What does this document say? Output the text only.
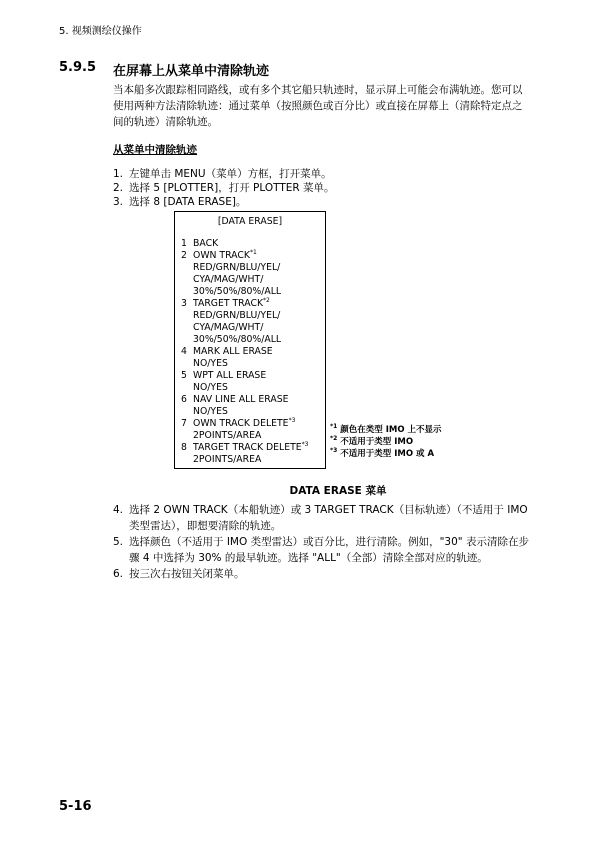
5. 视频测绘仪操作
5.9.5 在屏幕上从菜单中清除轨迹
当本船多次跟踪相同路线，或有多个其它船只轨迹时，显示屏上可能会布满轨迹。您可以使用两种方法清除轨迹：通过菜单（按照颜色或百分比）或直接在屏幕上（清除特定点之间的轨迹）清除轨迹。
从菜单中清除轨迹
1. 左键单击 MENU（菜单）方框，打开菜单。
2. 选择 5 [PLOTTER]，打开 PLOTTER 菜单。
3. 选择 8 [DATA ERASE]。
[DATA ERASE]
1 BACK
2 OWN TRACK$^{*1}$
RED/GRN/BLU/YEL/
CYA/MAG/WHT/
30%/50%/80%/ALL
3 TARGET TRACK$^{*2}$
RED/GRN/BLU/YEL/
CYA/MAG/WHT/
30%/50%/80%/ALL
4 MARK ALL ERASE
NO/YES
5 WPT ALL ERASE
NO/YES
6 NAV LINE ALL ERASE
NO/YES
7 OWN TRACK DELETE$^{*3}$
2POINTS/AREA
8 TARGET TRACK DELETE$^{*3}$
2POINTS/AREA
$^{*1}$ 颜色在类型 IMO 上不显示
$^{*2}$ 不适用于类型 IMO
$^{*3}$ 不适用于类型 IMO 或 A
DATA ERASE 菜单
4. 选择 2 OWN TRACK（本船轨迹）或 3 TARGET TRACK（目标轨迹）（不适用于 IMO 类型雷达），即想要清除的轨迹。
5. 选择颜色（不适用于 IMO 类型雷达）或百分比，进行清除。例如，"30" 表示清除在步骤 4 中选择为 30% 的最早轨迹。选择 "ALL"（全部）清除全部对应的轨迹。
6. 按三次右按钮关闭菜单。
5-16
